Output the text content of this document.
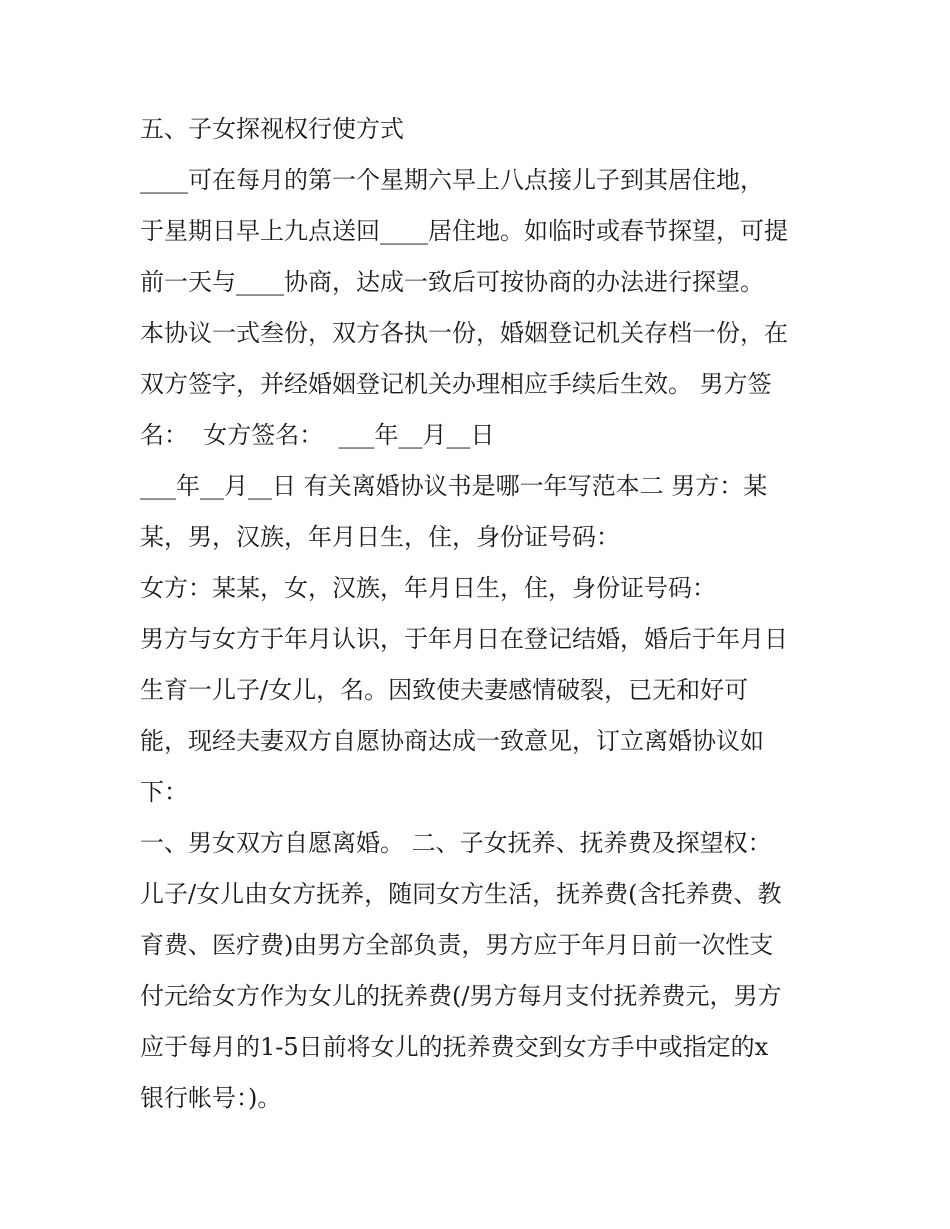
五、子女探视权行使方式
____可在每月的第一个星期六早上八点接儿子到其居住地，
于星期日早上九点送回____居住地。如临时或春节探望，可提
前一天与____协商，达成一致后可按协商的办法进行探望。
本协议一式叁份，双方各执一份，婚姻登记机关存档一份，在
双方签字，并经婚姻登记机关办理相应手续后生效。 男方签
名：  女方签名：  ___年__月__日
___年__月__日 有关离婚协议书是哪一年写范本二 男方：某
某，男，汉族，年月日生，住，身份证号码：
女方：某某，女，汉族，年月日生，住，身份证号码：
男方与女方于年月认识，于年月日在登记结婚，婚后于年月日
生育一儿子/女儿，名。因致使夫妻感情破裂，已无和好可
能，现经夫妻双方自愿协商达成一致意见，订立离婚协议如
下：
一、男女双方自愿离婚。 二、子女抚养、抚养费及探望权：
儿子/女儿由女方抚养，随同女方生活，抚养费(含托养费、教
育费、医疗费)由男方全部负责，男方应于年月日前一次性支
付元给女方作为女儿的抚养费(/男方每月支付抚养费元，男方
应于每月的1-5日前将女儿的抚养费交到女方手中或指定的x
银行帐号：)。
